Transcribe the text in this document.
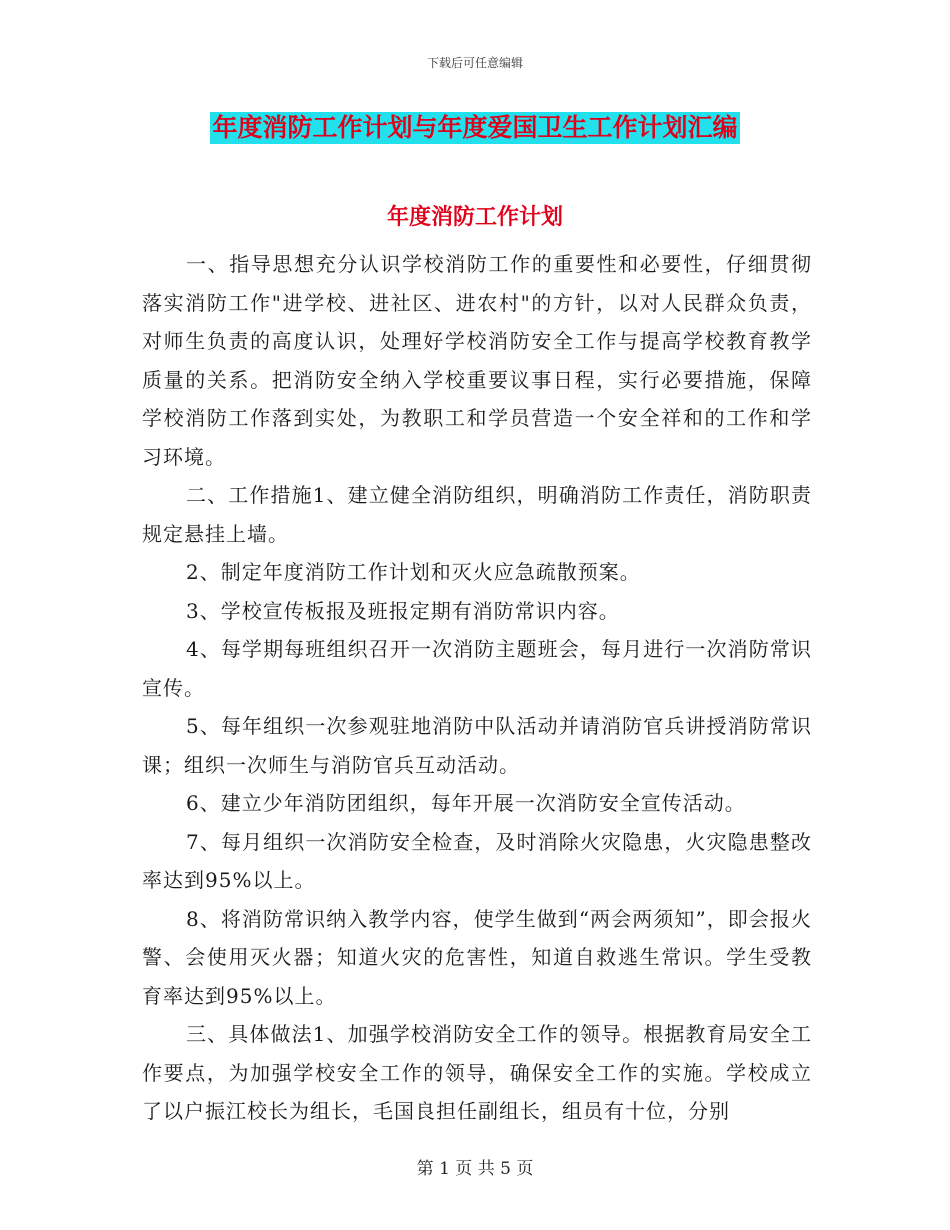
下载后可任意编辑
年度消防工作计划与年度爱国卫生工作计划汇编
年度消防工作计划

一、指导思想充分认识学校消防工作的重要性和必要性，仔细贯彻落实消防工作"进学校、进社区、进农村"的方针，以对人民群众负责，对师生负责的高度认识，处理好学校消防安全工作与提高学校教育教学质量的关系。把消防安全纳入学校重要议事日程，实行必要措施，保障学校消防工作落到实处，为教职工和学员营造一个安全祥和的工作和学习环境。

二、工作措施1、建立健全消防组织，明确消防工作责任，消防职责规定悬挂上墙。

2、制定年度消防工作计划和灭火应急疏散预案。

3、学校宣传板报及班报定期有消防常识内容。

4、每学期每班组织召开一次消防主题班会，每月进行一次消防常识宣传。

5、每年组织一次参观驻地消防中队活动并请消防官兵讲授消防常识课；组织一次师生与消防官兵互动活动。

6、建立少年消防团组织，每年开展一次消防安全宣传活动。

7、每月组织一次消防安全检查，及时消除火灾隐患，火灾隐患整改率达到95%以上。

8、将消防常识纳入教学内容，使学生做到“两会两须知”，即会报火警、会使用灭火器；知道火灾的危害性，知道自救逃生常识。学生受教育率达到95%以上。

三、具体做法1、加强学校消防安全工作的领导。根据教育局安全工作要点，为加强学校安全工作的领导，确保安全工作的实施。学校成立了以户振江校长为组长，毛国良担任副组长，组员有十位，分别

第 1 页 共 5 页
